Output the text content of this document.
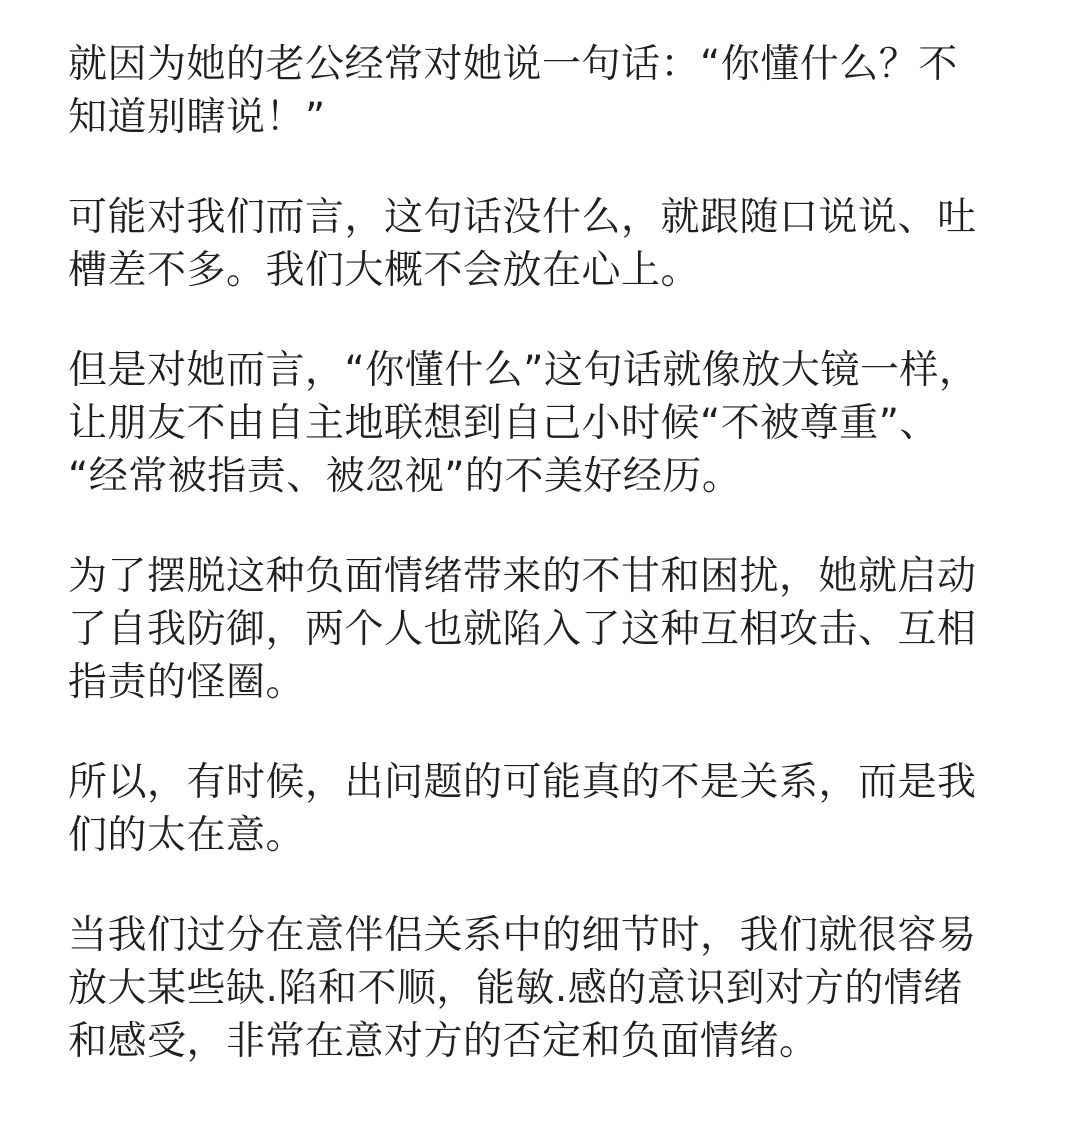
就因为她的老公经常对她说一句话：“你懂什么？不
知道别瞎说！”

可能对我们而言，这句话没什么，就跟随口说说、吐
槽差不多。我们大概不会放在心上。

但是对她而言，“你懂什么”这句话就像放大镜一样，
让朋友不由自主地联想到自己小时候“不被尊重”、
“经常被指责、被忽视”的不美好经历。

为了摆脱这种负面情绪带来的不甘和困扰，她就启动
了自我防御，两个人也就陷入了这种互相攻击、互相
指责的怪圈。

所以，有时候，出问题的可能真的不是关系，而是我
们的太在意。

当我们过分在意伴侣关系中的细节时，我们就很容易
放大某些缺.陷和不顺，能敏.感的意识到对方的情绪
和感受，非常在意对方的否定和负面情绪。
